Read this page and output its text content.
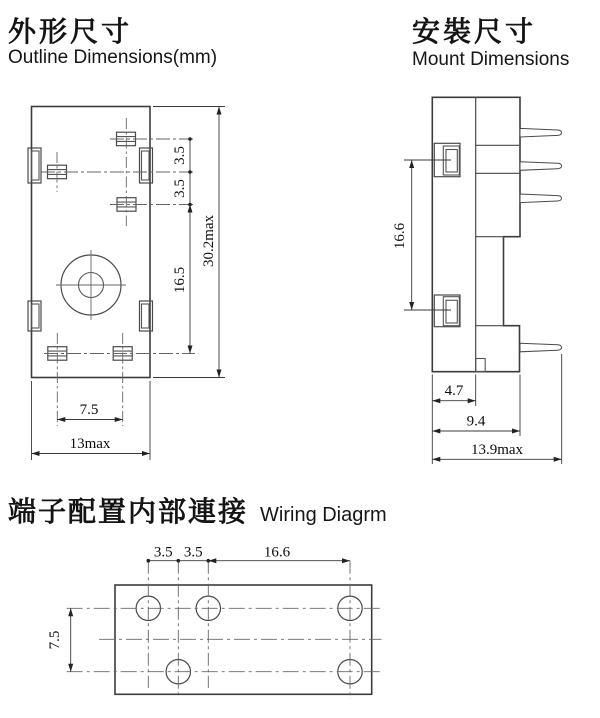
外形尺寸
Outline Dimensions(mm)
安裝尺寸
Mount Dimensions
端子配置内部連接 Wiring Diagrm
3.5
3.5
16.5
30.2max
7.5
13max
16.6
4.7
9.4
13.9max
3.5 3.5	16.6
7.5
